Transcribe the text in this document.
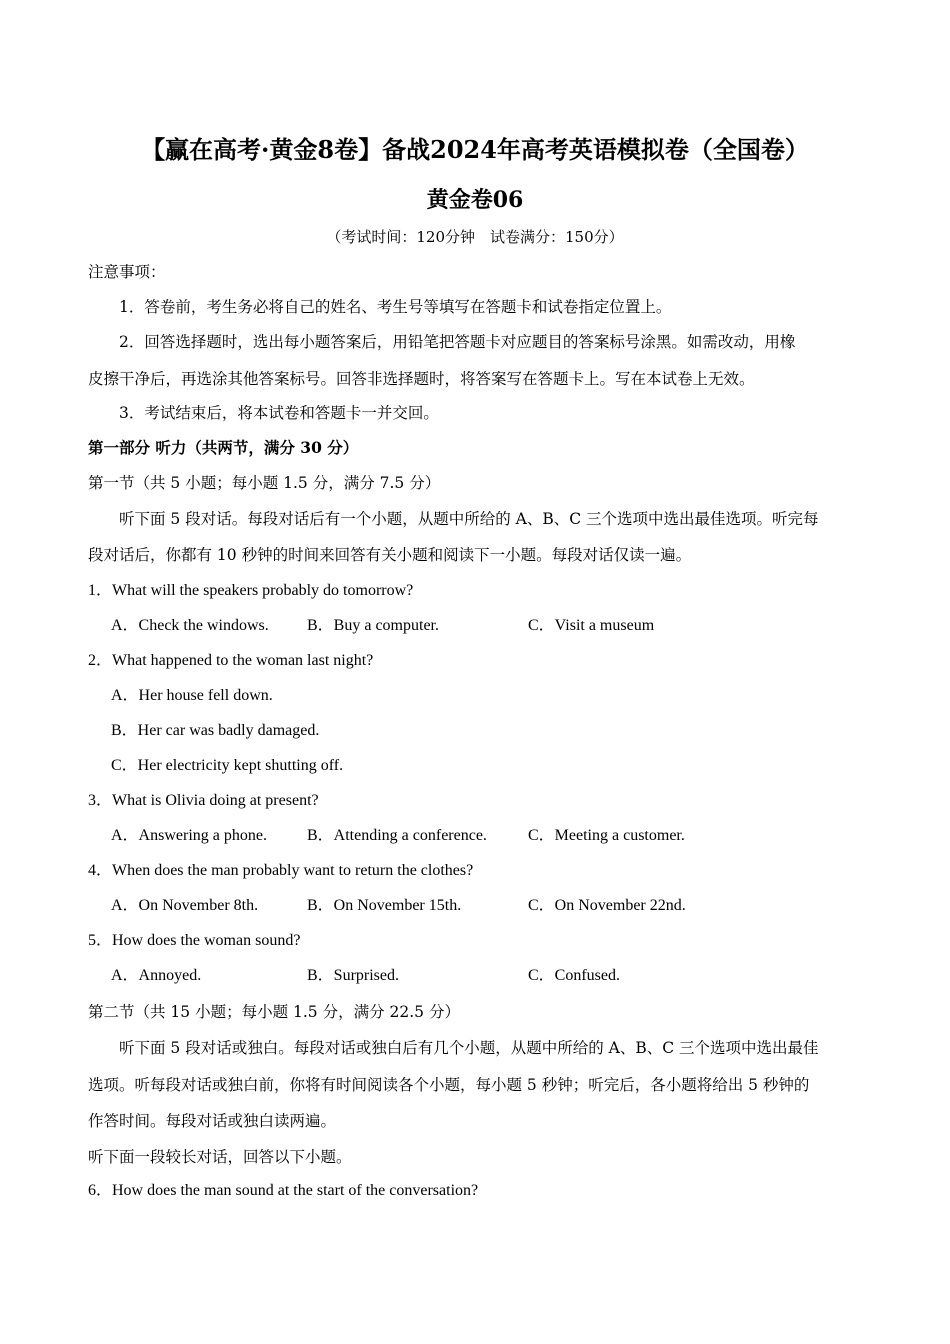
【赢在高考·黄金8卷】备战2024年高考英语模拟卷（全国卷）
黄金卷06
（考试时间：120分钟　试卷满分：150分）
注意事项：
1．答卷前，考生务必将自己的姓名、考生号等填写在答题卡和试卷指定位置上。
2．回答选择题时，选出每小题答案后，用铅笔把答题卡对应题目的答案标号涂黑。如需改动，用橡
皮擦干净后，再选涂其他答案标号。回答非选择题时，将答案写在答题卡上。写在本试卷上无效。
3．考试结束后，将本试卷和答题卡一并交回。
第一部分 听力（共两节，满分 30 分）
第一节（共 5 小题；每小题 1.5 分，满分 7.5 分）
听下面 5 段对话。每段对话后有一个小题，从题中所给的 A、B、C 三个选项中选出最佳选项。听完每
段对话后，你都有 10 秒钟的时间来回答有关小题和阅读下一小题。每段对话仅读一遍。
1．What will the speakers probably do tomorrow?
A．Check the windows. B．Buy a computer.	C．Visit a museum
2．What happened to the woman last night?
A．Her house fell down.
B．Her car was badly damaged.
C．Her electricity kept shutting off.
3．What is Olivia doing at present?
A．Answering a phone.	B．Attending a conference.	C．Meeting a customer.
4．When does the man probably want to return the clothes?
A．On November 8th.	B．On November 15th.	C．On November 22nd.
5．How does the woman sound?
A．Annoyed.	B．Surprised.	C．Confused.
第二节（共 15 小题；每小题 1.5 分，满分 22.5 分）
听下面 5 段对话或独白。每段对话或独白后有几个小题，从题中所给的 A、B、C 三个选项中选出最佳
选项。听每段对话或独白前，你将有时间阅读各个小题，每小题 5 秒钟；听完后，各小题将给出 5 秒钟的
作答时间。每段对话或独白读两遍。
听下面一段较长对话，回答以下小题。
6．How does the man sound at the start of the conversation?
